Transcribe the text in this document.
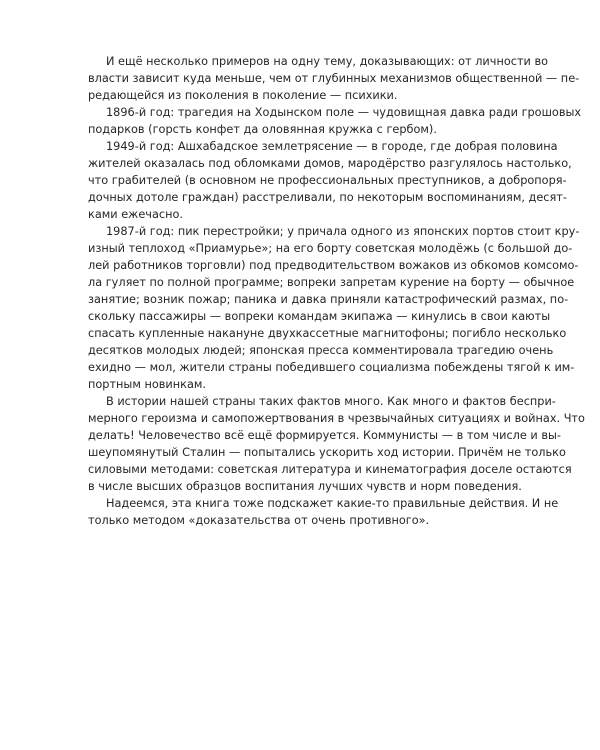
И ещё несколько примеров на одну тему, доказывающих: от личности во
власти зависит куда меньше, чем от глубинных механизмов общественной — пе-
редающейся из поколения в поколение — психики.

1896-й год: трагедия на Ходынском поле — чудовищная давка ради грошовых
подарков (горсть конфет да оловянная кружка с гербом).

1949-й год: Ашхабадское землетрясение — в городе, где добрая половина
жителей оказалась под обломками домов, мародёрство разгулялось настолько,
что грабителей (в основном не профессиональных преступников, а добропоря-
дочных дотоле граждан) расстреливали, по некоторым воспоминаниям, десят-
ками ежечасно.

1987-й год: пик перестройки; у причала одного из японских портов стоит кру-
изный теплоход «Приамурье»; на его борту советская молодёжь (с большой до-
лей работников торговли) под предводительством вожаков из обкомов комсомо-
ла гуляет по полной программе; вопреки запретам курение на борту — обычное
занятие; возник пожар; паника и давка приняли катастрофический размах, по-
скольку пассажиры — вопреки командам экипажа — кинулись в свои каюты
спасать купленные накануне двухкассетные магнитофоны; погибло несколько
десятков молодых людей; японская пресса комментировала трагедию очень
ехидно — мол, жители страны победившего социализма побеждены тягой к им-
портным новинкам.

В истории нашей страны таких фактов много. Как много и фактов беспри-
мерного героизма и самопожертвования в чрезвычайных ситуациях и войнах. Что
делать! Человечество всё ещё формируется. Коммунисты — в том числе и вы-
шеупомянутый Сталин — попытались ускорить ход истории. Причём не только
силовыми методами: советская литература и кинематография доселе остаются
в числе высших образцов воспитания лучших чувств и норм поведения.

Надеемся, эта книга тоже подскажет какие-то правильные действия. И не
только методом «доказательства от очень противного».
